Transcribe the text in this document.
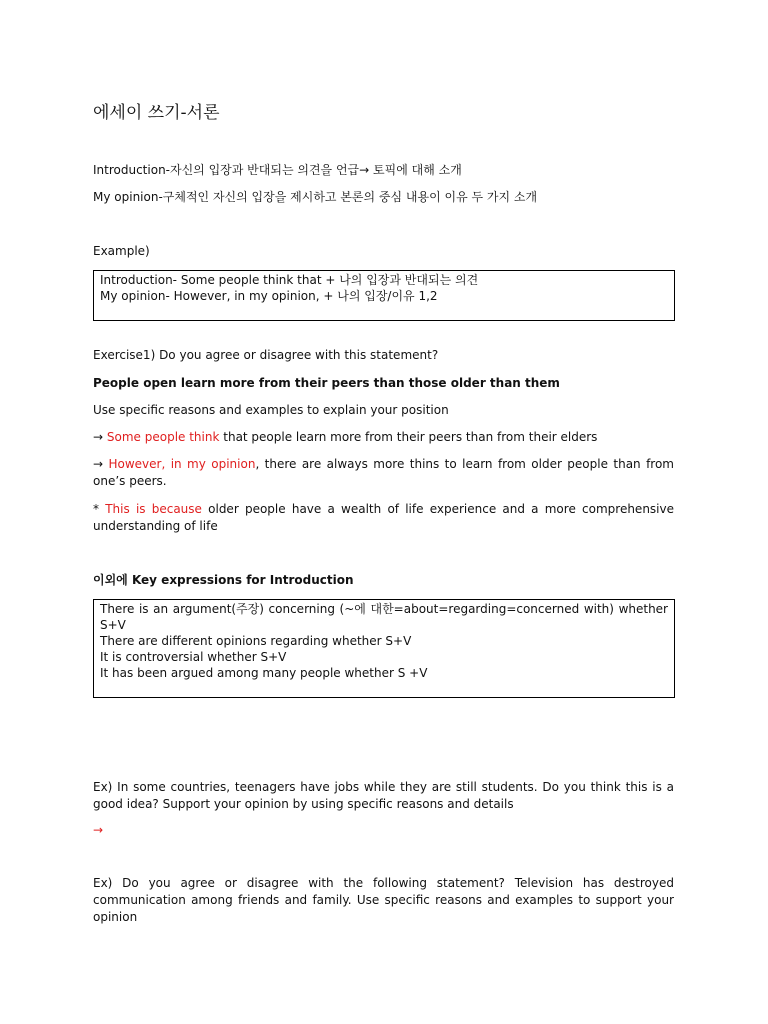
에세이 쓰기-서론

Introduction-자신의 입장과 반대되는 의견을 언급→ 토픽에 대해 소개

My opinion-구체적인 자신의 입장을 제시하고 본론의 중심 내용이 이유 두 가지 소개

Example)

Introduction- Some people think that + 나의 입장과 반대되는 의견
My opinion- However, in my opinion, + 나의 입장/이유 1,2

Exercise1) Do you agree or disagree with this statement?

People open learn more from their peers than those older than them

Use specific reasons and examples to explain your position

→ Some people think that people learn more from their peers than from their elders

→ However, in my opinion, there are always more thins to learn from older people than from one’s peers.

* This is because older people have a wealth of life experience and a more comprehensive understanding of life

이외에 Key expressions for Introduction

There is an argument(주장) concerning (~에 대한=about=regarding=concerned with) whether S+V
There are different opinions regarding whether S+V
It is controversial whether S+V
It has been argued among many people whether S +V

Ex) In some countries, teenagers have jobs while they are still students. Do you think this is a good idea? Support your opinion by using specific reasons and details

→

Ex) Do you agree or disagree with the following statement? Television has destroyed communication among friends and family. Use specific reasons and examples to support your opinion
